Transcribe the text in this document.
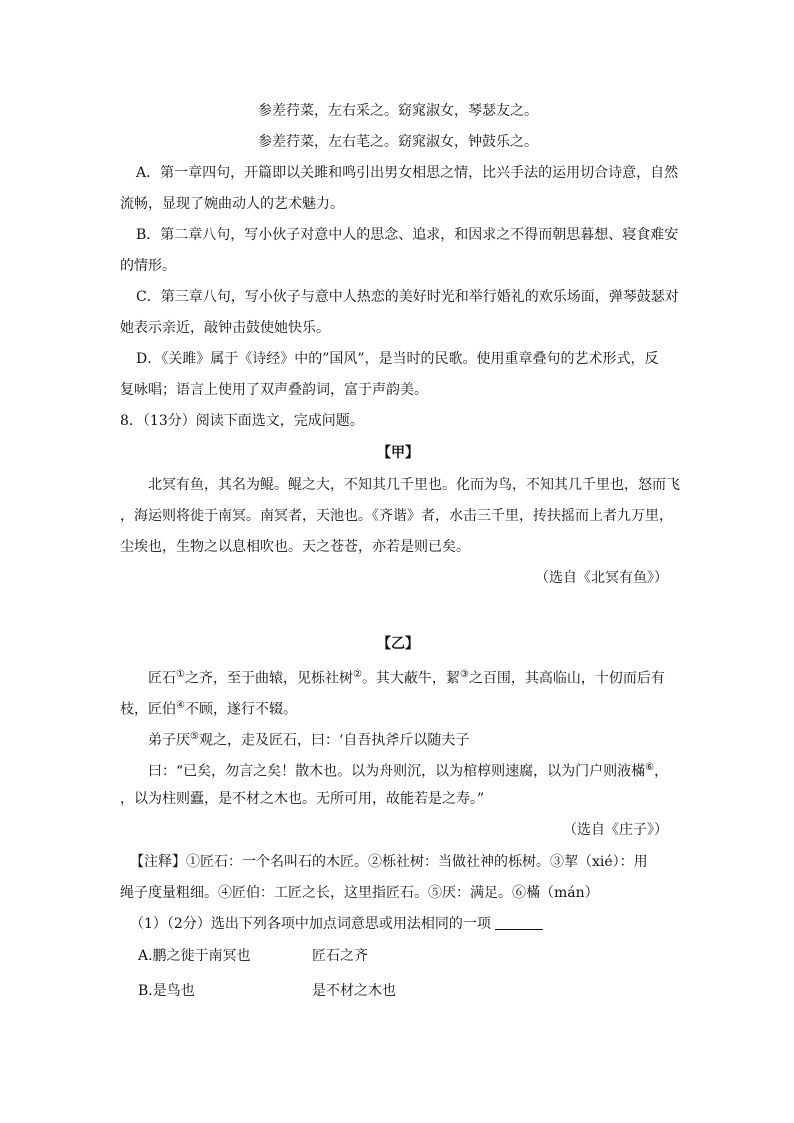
参差荇菜，左右采之。窈窕淑女，琴瑟友之。
参差荇菜，左右芼之。窈窕淑女，钟鼓乐之。
A．第一章四句，开篇即以关雎和鸣引出男女相思之情，比兴手法的运用切合诗意，自然
流畅，显现了婉曲动人的艺术魅力。
B．第二章八句，写小伙子对意中人的思念、追求，和因求之不得而朝思暮想、寝食难安
的情形。
C．第三章八句，写小伙子与意中人热恋的美好时光和举行婚礼的欢乐场面，弹琴鼓瑟对
她表示亲近，敲钟击鼓使她快乐。
D．《关雎》属于《诗经》中的”国风”，是当时的民歌。使用重章叠句的艺术形式，反
复咏唱；语言上使用了双声叠韵词，富于声韵美。
8．（13分）阅读下面选文，完成问题。
【甲】
北冥有鱼，其名为鲲。鲲之大，不知其几千里也。化而为鸟，不知其几千里也，怒而飞
，海运则将徙于南冥。南冥者，天池也。《齐谐》者，水击三千里，抟扶摇而上者九万里，
尘埃也，生物之以息相吹也。天之苍苍，亦若是则已矣。
（选自《北冥有鱼》）
【乙】
匠石①之齐，至于曲辕，见栎社树②。其大蔽牛，絜③之百围，其高临山，十仞而后有
枝，匠伯④不顾，遂行不辍。
弟子厌⑤观之，走及匠石，曰：‘自吾执斧斤以随夫子
曰：“已矣，勿言之矣！散木也。以为舟则沉，以为棺椁则速腐，以为门户则液樠⑥，
，以为柱则蠹，是不材之木也。无所可用，故能若是之寿。”
（选自《庄子》）
【注释】①匠石：一个名叫石的木匠。②栎社树：当做社神的栎树。③挈（xié）：用
绳子度量粗细。④匠伯：工匠之长，这里指匠石。⑤厌：满足。⑥樠（mán）
（1）（2分）选出下列各项中加点词意思或用法相同的一项
A.鹏之徙于南冥也	匠石之齐
B.是鸟也	是不材之木也
